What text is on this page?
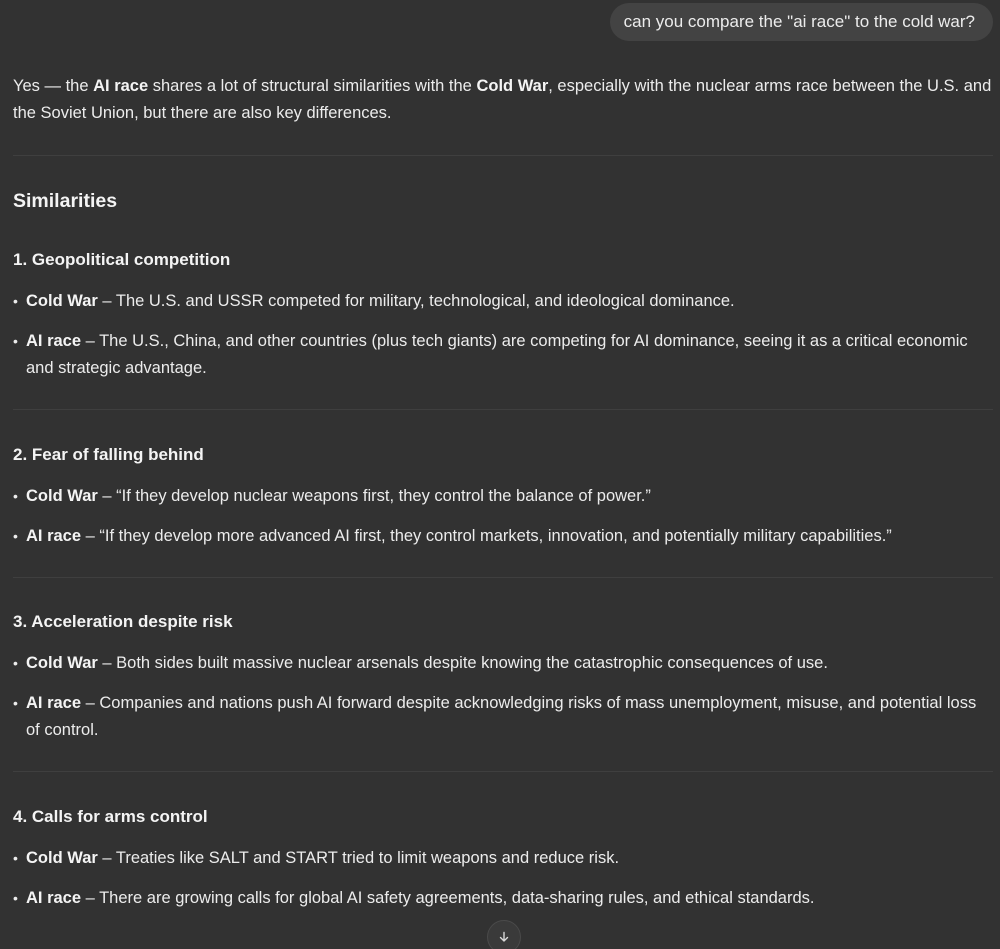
can you compare the "ai race" to the cold war?

Yes — the AI race shares a lot of structural similarities with the Cold War, especially with the nuclear arms race between the U.S. and the Soviet Union, but there are also key differences.

Similarities
1. Geopolitical competition
• Cold War – The U.S. and USSR competed for military, technological, and ideological dominance.
• AI race – The U.S., China, and other countries (plus tech giants) are competing for AI dominance, seeing it as a critical economic and strategic advantage.
2. Fear of falling behind
• Cold War – “If they develop nuclear weapons first, they control the balance of power.”
• AI race – “If they develop more advanced AI first, they control markets, innovation, and potentially military capabilities.”
3. Acceleration despite risk
• Cold War – Both sides built massive nuclear arsenals despite knowing the catastrophic consequences of use.
• AI race – Companies and nations push AI forward despite acknowledging risks of mass unemployment, misuse, and potential loss of control.
4. Calls for arms control
• Cold War – Treaties like SALT and START tried to limit weapons and reduce risk.
• AI race – There are growing calls for global AI safety agreements, data-sharing rules, and ethical standards.
